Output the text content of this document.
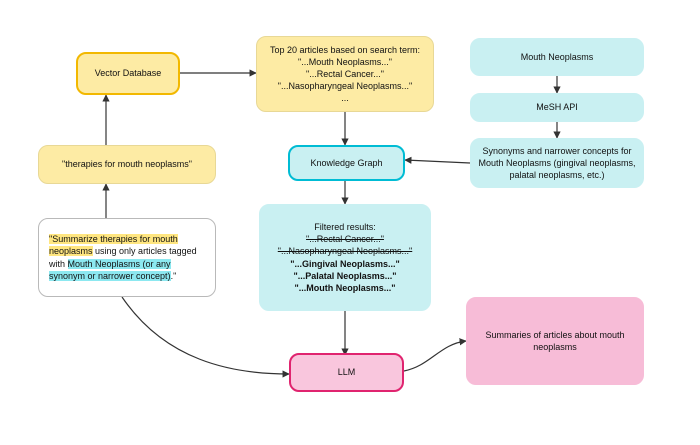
Vector Database
Top 20 articles based on search term:
"...Mouth Neoplasms..."
"...Rectal Cancer..."
"...Nasopharyngeal Neoplasms..."
...
Mouth Neoplasms
MeSH API
Synonyms and narrower concepts for
Mouth Neoplasms (gingival neoplasms,
palatal neoplasms, etc.)
Knowledge Graph
"therapies for mouth neoplasms"
"Summarize therapies for mouth
neoplasms using only articles tagged
with Mouth Neoplasms (or any
synonym or narrower concept)."
Filtered results:
"...Rectal Cancer..."
"...Nasopharyngeal Neoplasms..."
"...Gingival Neoplasms..."
"...Palatal Neoplasms..."
"...Mouth Neoplasms..."
LLM
Summaries of articles about mouth
neoplasms
